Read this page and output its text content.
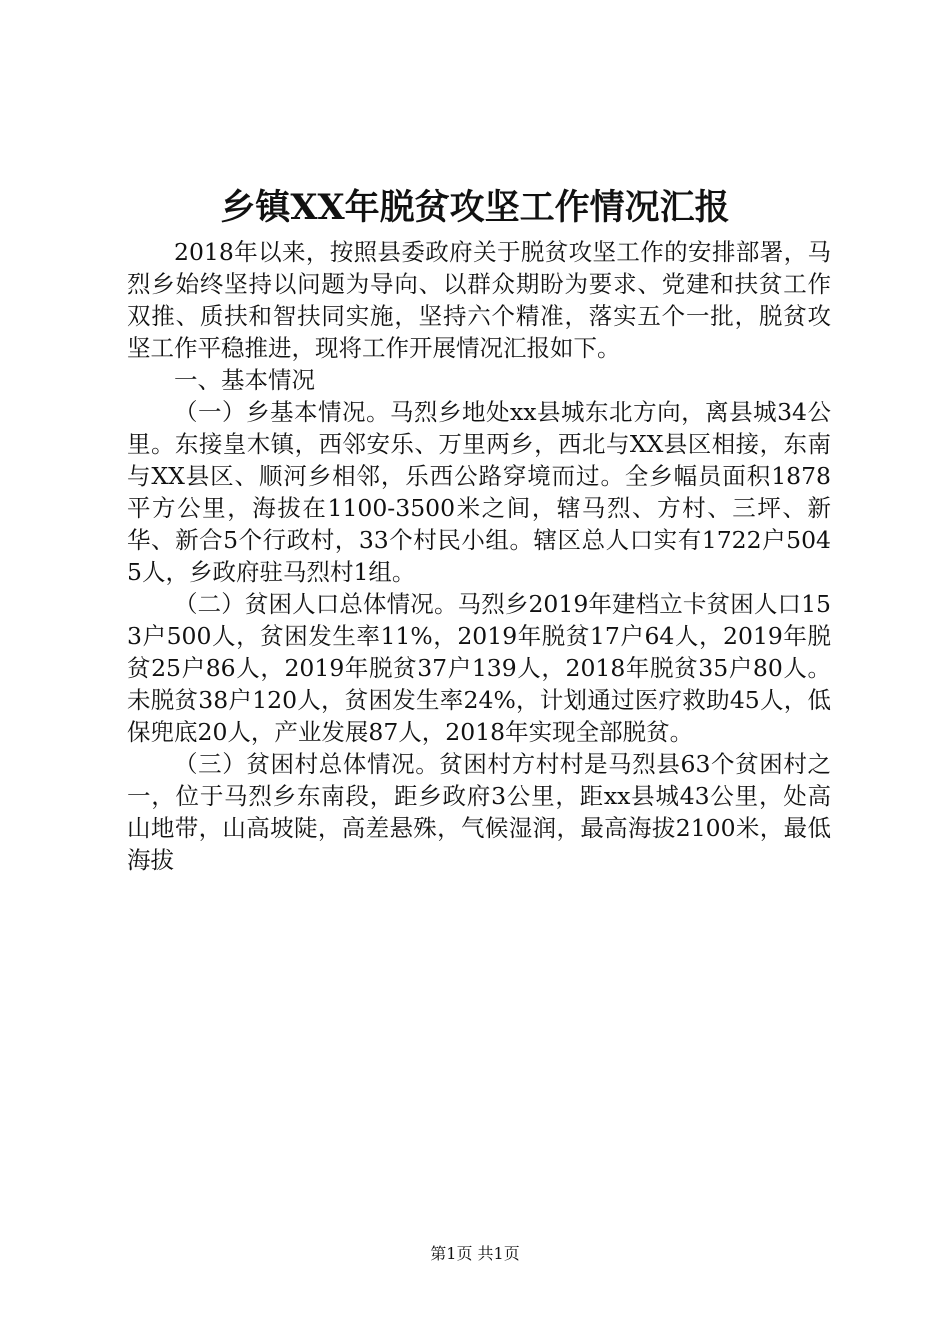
乡镇XX年脱贫攻坚工作情况汇报

2018年以来，按照县委政府关于脱贫攻坚工作的安排部署，马烈乡始终坚持以问题为导向、以群众期盼为要求、党建和扶贫工作双推、质扶和智扶同实施，坚持六个精准，落实五个一批，脱贫攻坚工作平稳推进，现将工作开展情况汇报如下。

一、基本情况

（一）乡基本情况。马烈乡地处xx县城东北方向，离县城34公里。东接皇木镇，西邻安乐、万里两乡，西北与XX县区相接，东南与XX县区、顺河乡相邻，乐西公路穿境而过。全乡幅员面积1878平方公里，海拔在1100-3500米之间，辖马烈、方村、三坪、新华、新合5个行政村，33个村民小组。辖区总人口实有1722户5045人，乡政府驻马烈村1组。

（二）贫困人口总体情况。马烈乡2019年建档立卡贫困人口153户500人，贫困发生率11%，2019年脱贫17户64人，2019年脱贫25户86人，2019年脱贫37户139人，2018年脱贫35户80人。未脱贫38户120人，贫困发生率24%，计划通过医疗救助45人，低保兜底20人，产业发展87人，2018年实现全部脱贫。

（三）贫困村总体情况。贫困村方村村是马烈县63个贫困村之一，位于马烈乡东南段，距乡政府3公里，距xx县城43公里，处高山地带，山高坡陡，高差悬殊，气候湿润，最高海拔2100米，最低海拔

第1页 共1页
